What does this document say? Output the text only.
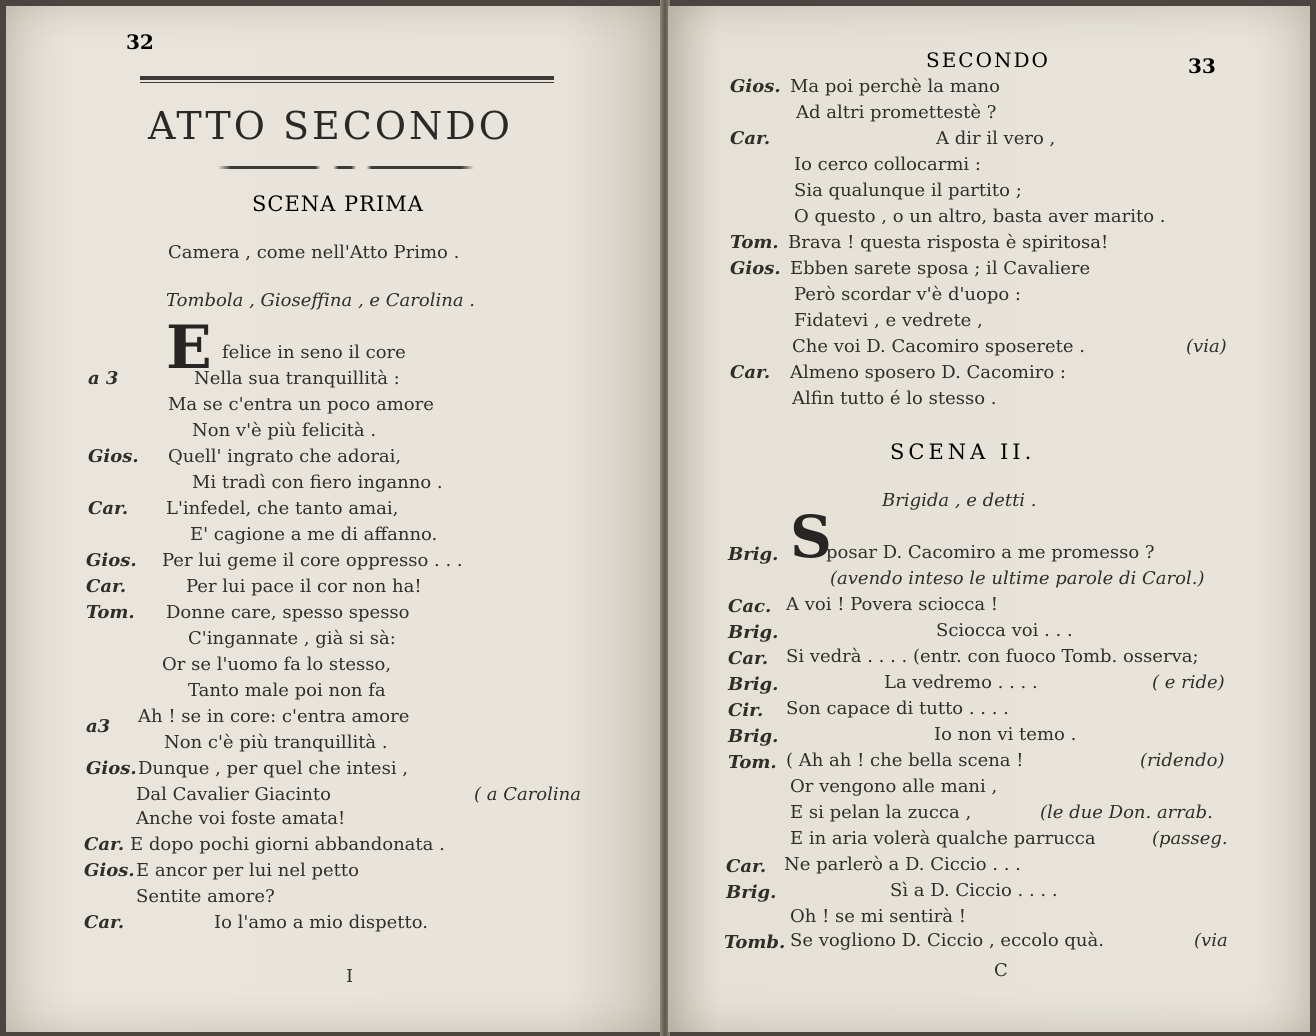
32
ATTO SECONDO
SCENA PRIMA
Camera , come nell'Atto Primo .
Tombola , Gioseffina , e Carolina .
E felice in seno il core
a 3	Nella sua tranquillità :
Ma se c'entra un poco amore
Non v'è più felicità .
Gios. Quell' ingrato che adorai,
Mi tradì con fiero inganno .
Car. L'infedel, che tanto amai,
E' cagione a me di affanno.
Gios. Per lui geme il core oppresso . . .
Car.	Per lui pace il cor non ha!
Tom. Donne care, spesso spesso
C'ingannate , già si sà:
Or se l'uomo fa lo stesso,
Tanto male poi non fa
a3 Ah ! se in core: c'entra amore
Non c'è più tranquillità .
Gios. Dunque , per quel che intesi ,
Dal Cavalier Giacinto	( a Carolina
Anche voi foste amata!
Car. E dopo pochi giorni abbandonata .
Gios. E ancor per lui nel petto
Sentite amore?
Car.	Io l'amo a mio dispetto.
I
SECONDO	33
Gios. Ma poi perchè la mano
Ad altri promettestè ?
Car.	A dir il vero ,
Io cerco collocarmi :
Sia qualunque il partito ;
O questo , o un altro, basta aver marito .
Tom. Brava ! questa risposta è spiritosa!
Gios. Ebben sarete sposa ; il Cavaliere
Però scordar v'è d'uopo :
Fidatevi , e vedrete ,
Che voi D. Cacomiro sposerete .	(via)
Car. Almeno sposero D. Cacomiro :
Alfin tutto é lo stesso .
SCENA II.
Brigida , e detti .
S
Brig.	posar D. Cacomiro a me promesso ?
(avendo inteso le ultime parole di Carol.)
Cac. A voi ! Povera sciocca !
Brig.	Sciocca voi . . .
Car. Si vedrà . . . . (entr. con fuoco Tomb. osserva;
Brig.	La vedremo . . . .	( e ride)
Cir. Son capace di tutto . . . .
Brig.	Io non vi temo .
Tom. ( Ah ah ! che bella scena !	(ridendo)
Or vengono alle mani ,
E si pelan la zucca ,	(le due Don. arrab.
E in aria volerà qualche parrucca	(passeg.
Car. Ne parlerò a D. Ciccio . . .
Brig.	Sì a D. Ciccio . . . .
Oh ! se mi sentirà !
Tomb. Se vogliono D. Ciccio , eccolo quà.	(via
C
